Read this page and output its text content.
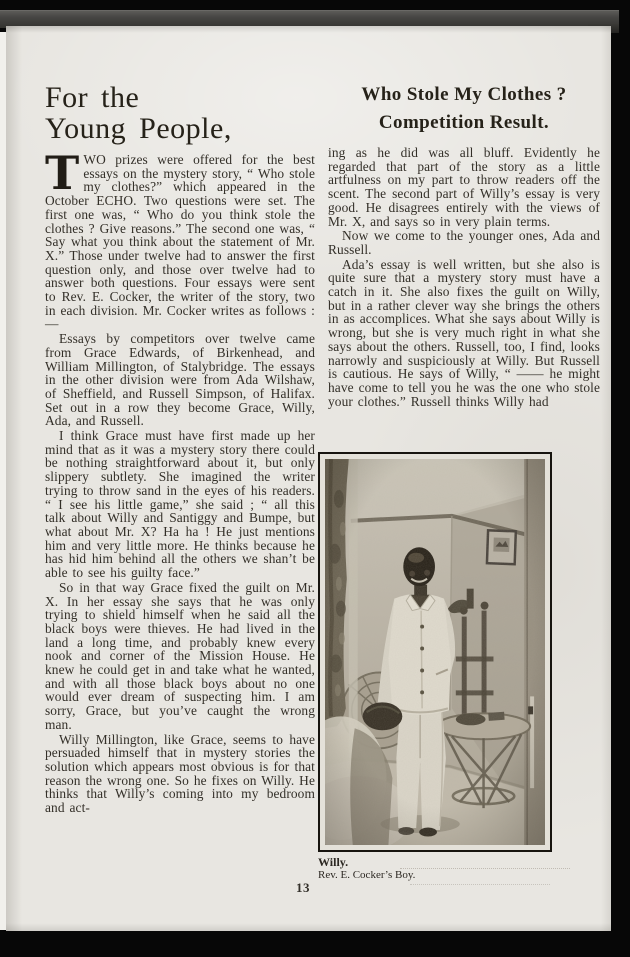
For the
Young People,

TWO prizes were offered for the best essays on the mystery story, “ Who stole my clothes?” which appeared in the October ECHO. Two questions were set. The first one was, “ Who do you think stole the clothes ? Give reasons.” The second one was, “ Say what you think about the statement of Mr. X.” Those under twelve had to answer the first question only, and those over twelve had to answer both questions. Four essays were sent to Rev. E. Cocker, the writer of the story, two in each division. Mr. Cocker writes as follows :—

Essays by competitors over twelve came from Grace Edwards, of Birkenhead, and William Millington, of Stalybridge. The essays in the other division were from Ada Wilshaw, of Sheffield, and Russell Simpson, of Halifax. Set out in a row they become Grace, Willy, Ada, and Russell.

I think Grace must have first made up her mind that as it was a mystery story there could be nothing straightforward about it, but only slippery subtlety. She imagined the writer trying to throw sand in the eyes of his readers. “ I see his little game,” she said ; “ all this talk about Willy and Santiggy and Bumpe, but what about Mr. X? Ha ha ! He just mentions him and very little more. He thinks because he has hid him behind all the others we shan’t be able to see his guilty face.”

So in that way Grace fixed the guilt on Mr. X. In her essay she says that he was only trying to shield himself when he said all the black boys were thieves. He had lived in the land a long time, and probably knew every nook and corner of the Mission House. He knew he could get in and take what he wanted, and with all those black boys about no one would ever dream of suspecting him. I am sorry, Grace, but you’ve caught the wrong man.

Willy Millington, like Grace, seems to have persuaded himself that in mystery stories the solution which appears most obvious is for that reason the wrong one. So he fixes on Willy. He thinks that Willy’s coming into my bedroom and act-

Who Stole My Clothes ?
Competition Result.

ing as he did was all bluff. Evidently he regarded that part of the story as a little artfulness on my part to throw readers off the scent. The second part of Willy’s essay is very good. He disagrees entirely with the views of Mr. X, and says so in very plain terms.

Now we come to the younger ones, Ada and Russell.

Ada’s essay is well written, but she also is quite sure that a mystery story must have a catch in it. She also fixes the guilt on Willy, but in a rather clever way she brings the others in as accomplices. What she says about Willy is wrong, but she is very much right in what she says about the others. Russell, too, I find, looks narrowly and suspiciously at Willy. But Russell is cautious. He says of Willy, “ —— he might have come to tell you he was the one who stole your clothes.” Russell thinks Willy had

Willy.
Rev. E. Cocker’s Boy.
13
